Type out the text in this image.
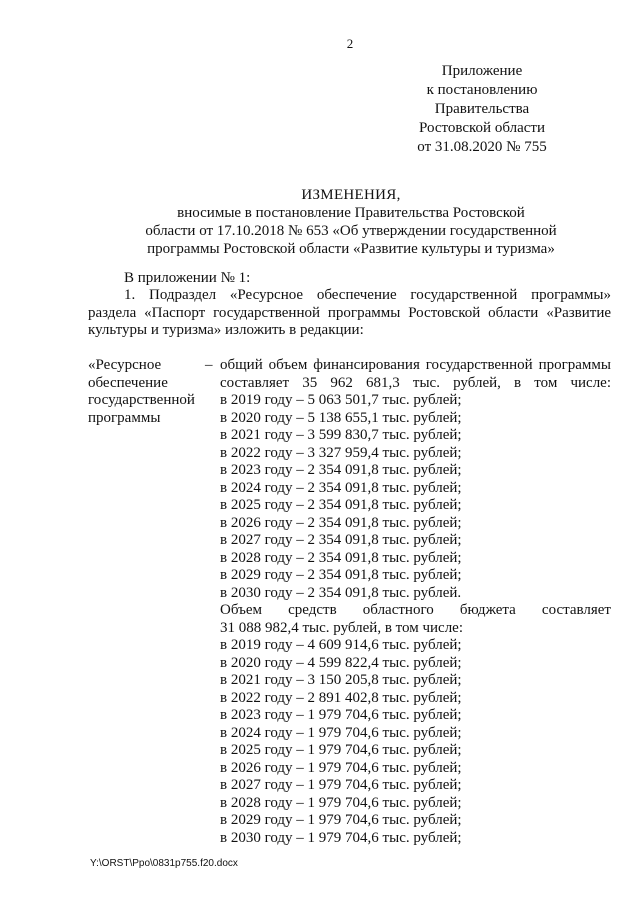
2
Приложение
к постановлению
Правительства
Ростовской области
от 31.08.2020 № 755
ИЗМЕНЕНИЯ,
вносимые в постановление Правительства Ростовской
области от 17.10.2018 № 653 «Об утверждении государственной
программы Ростовской области «Развитие культуры и туризма»
В приложении № 1:
1. Подраздел «Ресурсное обеспечение государственной программы» раздела «Паспорт государственной программы Ростовской области «Развитие культуры и туризма» изложить в редакции:
«Ресурсное обеспечение государственной программы
– общий объем финансирования государственной программы составляет 35 962 681,3 тыс. рублей, в том числе:
в 2019 году – 5 063 501,7 тыс. рублей;
в 2020 году – 5 138 655,1 тыс. рублей;
в 2021 году – 3 599 830,7 тыс. рублей;
в 2022 году – 3 327 959,4 тыс. рублей;
в 2023 году – 2 354 091,8 тыс. рублей;
в 2024 году – 2 354 091,8 тыс. рублей;
в 2025 году – 2 354 091,8 тыс. рублей;
в 2026 году – 2 354 091,8 тыс. рублей;
в 2027 году – 2 354 091,8 тыс. рублей;
в 2028 году – 2 354 091,8 тыс. рублей;
в 2029 году – 2 354 091,8 тыс. рублей;
в 2030 году – 2 354 091,8 тыс. рублей.
Объем средств областного бюджета составляет
31 088 982,4 тыс. рублей, в том числе:
в 2019 году – 4 609 914,6 тыс. рублей;
в 2020 году – 4 599 822,4 тыс. рублей;
в 2021 году – 3 150 205,8 тыс. рублей;
в 2022 году – 2 891 402,8 тыс. рублей;
в 2023 году – 1 979 704,6 тыс. рублей;
в 2024 году – 1 979 704,6 тыс. рублей;
в 2025 году – 1 979 704,6 тыс. рублей;
в 2026 году – 1 979 704,6 тыс. рублей;
в 2027 году – 1 979 704,6 тыс. рублей;
в 2028 году – 1 979 704,6 тыс. рублей;
в 2029 году – 1 979 704,6 тыс. рублей;
в 2030 году – 1 979 704,6 тыс. рублей;
Y:\ORST\Ppo\0831p755.f20.docx
